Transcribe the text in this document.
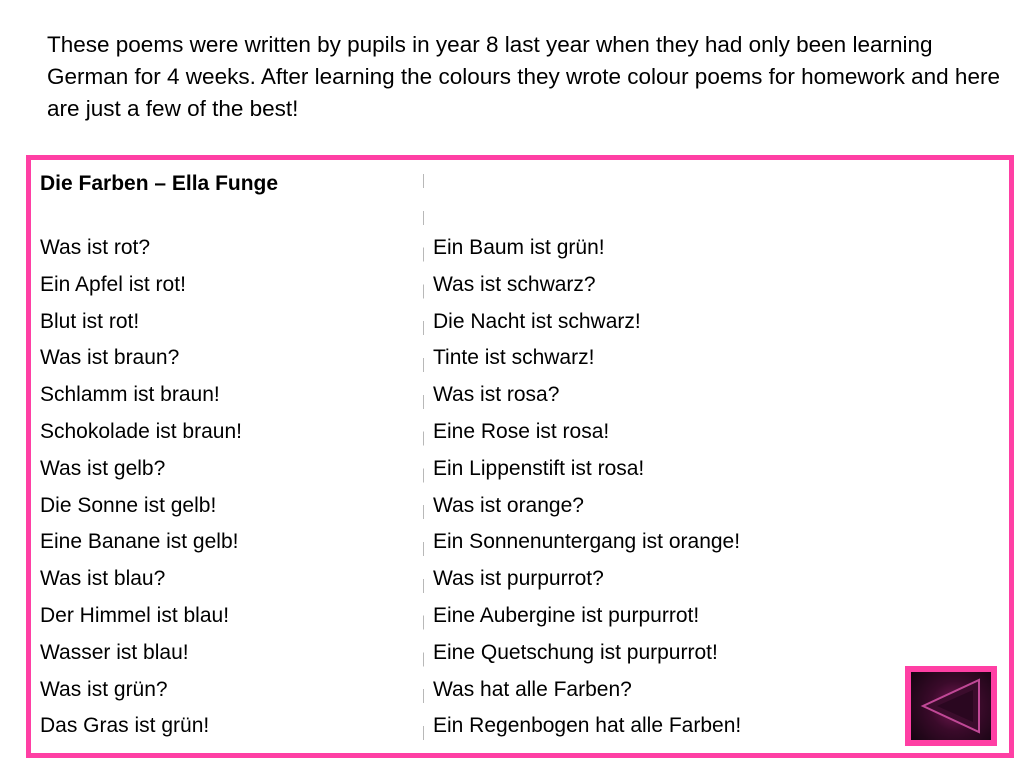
These poems were written by pupils in year 8 last year when they had only been learning German for 4 weeks. After learning the colours they wrote colour poems for homework and here are just a few of the best!

Die Farben – Ella Funge

Was ist rot?
Ein Apfel ist rot!
Blut ist rot!
Was ist braun?
Schlamm ist braun!
Schokolade ist braun!
Was ist gelb?
Die Sonne ist gelb!
Eine Banane ist gelb!
Was ist blau?
Der Himmel ist blau!
Wasser ist blau!
Was ist grün?
Das Gras ist grün!
Ein Baum ist grün!
Was ist schwarz?
Die Nacht ist schwarz!
Tinte ist schwarz!
Was ist rosa?
Eine Rose ist rosa!
Ein Lippenstift ist rosa!
Was ist orange?
Ein Sonnenuntergang ist orange!
Was ist purpurrot?
Eine Aubergine ist purpurrot!
Eine Quetschung ist purpurrot!
Was hat alle Farben?
Ein Regenbogen hat alle Farben!
